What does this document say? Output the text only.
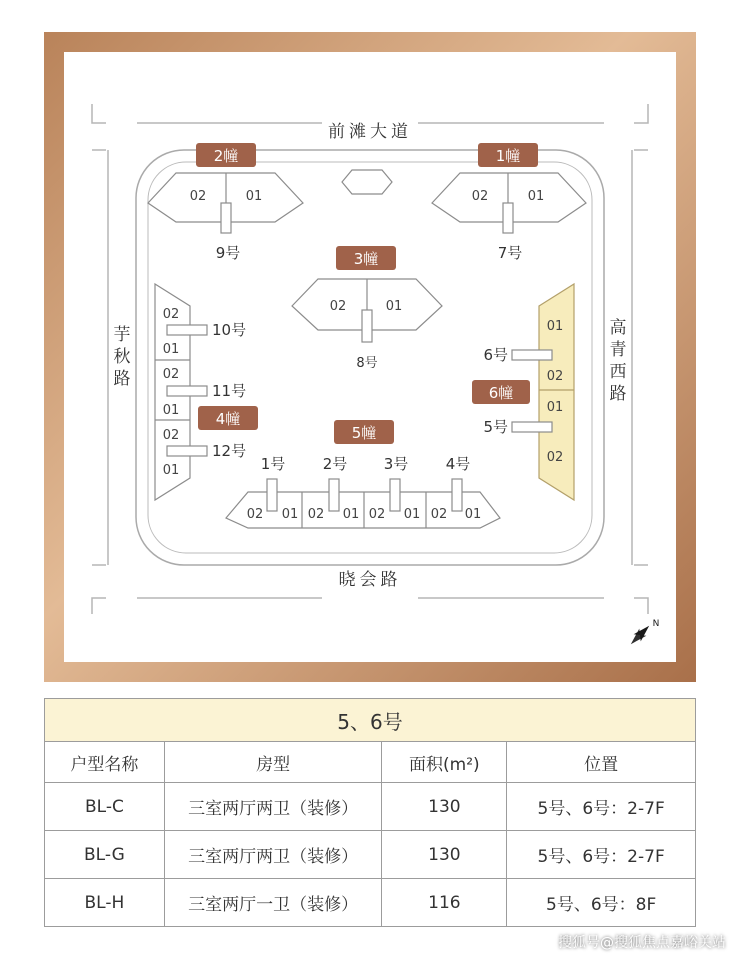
N
2幢	1幢
3幢
4幢
5幢
6幢
前滩大道
晓会路
02	01	02	01
02	01
02
01
02
01
02
01
01
02
01
02
02 01 02 01 02 01 02 01
9号	7号
8号
10号
11号
12号
6号
5号
1号 2号 3号 4号
芋秋路
高青西路
5、6号			
户型名称	房型	面积(m²)	位置
BL-C	三室两厅两卫（装修）	130	5号、6号：2-7F
BL-G	三室两厅两卫（装修）	130	5号、6号：2-7F
BL-H	三室两厅一卫（装修）	116	5号、6号：8F
搜狐号@搜狐焦点嘉峪关站
